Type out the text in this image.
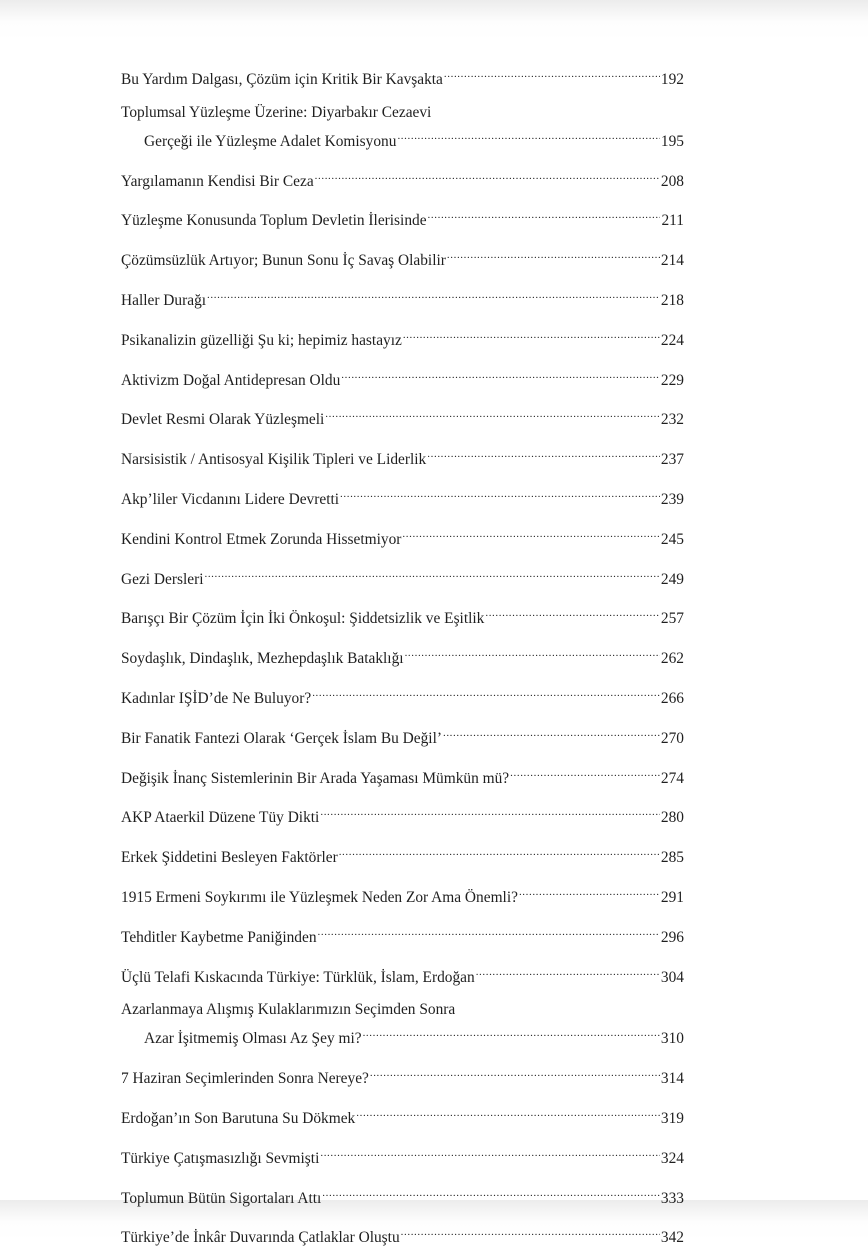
Bu Yardım Dalgası, Çözüm için Kritik Bir Kavşakta .....	192
Toplumsal Yüzleşme Üzerine: Diyarbakır Cezaevi
Gerçeği ile Yüzleşme Adalet Komisyonu .....	195
Yargılamanın Kendisi Bir Ceza .....	208
Yüzleşme Konusunda Toplum Devletin İlerisinde .....	211
Çözümsüzlük Artıyor; Bunun Sonu İç Savaş Olabilir .....	214
Haller Durağı .....	218
Psikanalizin güzelliği Şu ki; hepimiz hastayız .....	224
Aktivizm Doğal Antidepresan Oldu .....	229
Devlet Resmi Olarak Yüzleşmeli .....	232
Narsisistik / Antisosyal Kişilik Tipleri ve Liderlik .....	237
Akp’liler Vicdanını Lidere Devretti .....	239
Kendini Kontrol Etmek Zorunda Hissetmiyor .....	245
Gezi Dersleri .....	249
Barışçı Bir Çözüm İçin İki Önkoşul: Şiddetsizlik ve Eşitlik .....	257
Soydaşlık, Dindaşlık, Mezhepdaşlık Bataklığı .....	262
Kadınlar IŞİD’de Ne Buluyor? .....	266
Bir Fanatik Fantezi Olarak ‘Gerçek İslam Bu Değil’ .....	270
Değişik İnanç Sistemlerinin Bir Arada Yaşaması Mümkün mü? .....	274
AKP Ataerkil Düzene Tüy Dikti .....	280
Erkek Şiddetini Besleyen Faktörler .....	285
1915 Ermeni Soykırımı ile Yüzleşmek Neden Zor Ama Önemli? .....	291
Tehditler Kaybetme Paniğinden .....	296
Üçlü Telafi Kıskacında Türkiye: Türklük, İslam, Erdoğan .....	304
Azarlanmaya Alışmış Kulaklarımızın Seçimden Sonra
Azar İşitmemiş Olması Az Şey mi? .....	310
7 Haziran Seçimlerinden Sonra Nereye? .....	314
Erdoğan’ın Son Barutuna Su Dökmek .....	319
Türkiye Çatışmasızlığı Sevmişti .....	324
Toplumun Bütün Sigortaları Attı .....	333
Türkiye’de İnkâr Duvarında Çatlaklar Oluştu .....	342
